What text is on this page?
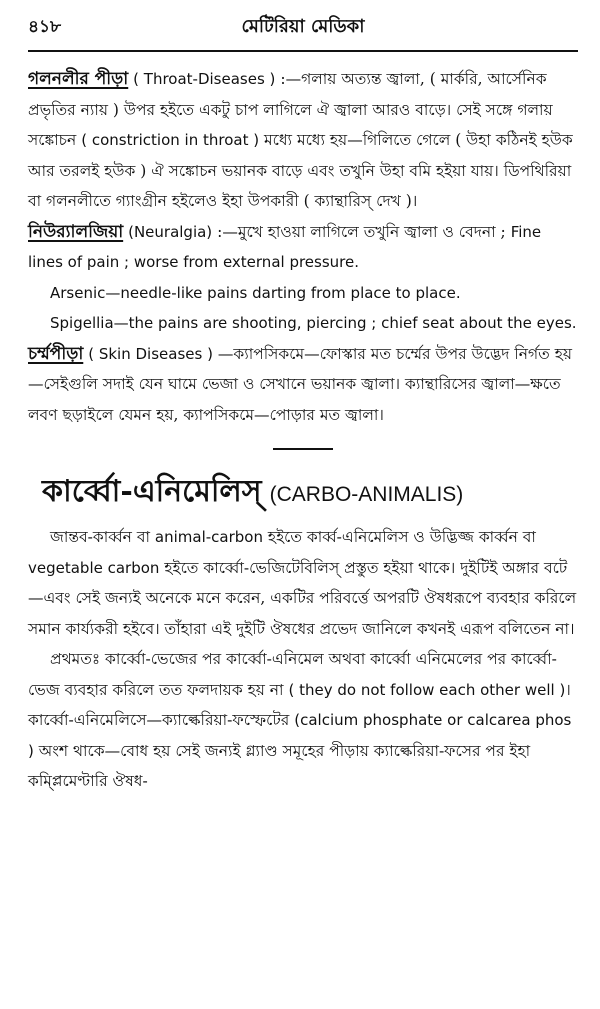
৪১৮	মেটিরিয়া মেডিকা

গলনলীর পীড়া ( Throat-Diseases ) :—গলায় অত্যন্ত জ্বালা, ( মার্করি, আর্সেনিক প্রভৃতির ন্যায় ) উপর হইতে একটু চাপ লাগিলে ঐ জ্বালা আরও বাড়ে। সেই সঙ্গে গলায় সঙ্কোচন ( constriction in throat ) মধ্যে মধ্যে হয়—গিলিতে গেলে ( উহা কঠিনই হউক আর তরলই হউক ) ঐ সঙ্কোচন ভয়ানক বাড়ে এবং তখুনি উহা বমি হইয়া যায়। ডিপথিরিয়া বা গলনলীতে গ্যাংগ্রীন হইলেও ইহা উপকারী ( ক্যান্থারিস্ দেখ )।

নিউর‍্যালজিয়া (Neuralgia) :—মুখে হাওয়া লাগিলে তখুনি জ্বালা ও বেদনা ; Fine lines of pain ; worse from external pressure.

Arsenic—needle-like pains darting from place to place.

Spigellia—the pains are shooting, piercing ; chief seat about the eyes.

চর্ম্মপীড়া ( Skin Diseases ) —ক্যাপসিকমে—ফোস্কার মত চর্ম্মের উপর উদ্ভেদ নির্গত হয়—সেইগুলি সদাই যেন ঘামে ভেজা ও সেখানে ভয়ানক জ্বালা। ক্যান্থারিসের জ্বালা—ক্ষতে লবণ ছড়াইলে যেমন হয়, ক্যাপসিকমে—পোড়ার মত জ্বালা।

কার্ব্বো-এনিমেলিস্ (CARBO-ANIMALIS)

জান্তব-কার্ব্বন বা animal-carbon হইতে কার্ব্ব-এনিমেলিস ও উদ্ভিজ্জ কার্ব্বন বা vegetable carbon হইতে কার্ব্বো-ভেজিটেবিলিস্ প্রস্তুত হইয়া থাকে। দুইটিই অঙ্গার বটে—এবং সেই জন্যই অনেকে মনে করেন, একটির পরিবর্ত্তে অপরটি ঔষধরূপে ব্যবহার করিলে সমান কার্য্যকরী হইবে। তাঁহারা এই দুইটি ঔষধের প্রভেদ জানিলে কখনই এরূপ বলিতেন না।

প্রথমতঃ কার্ব্বো-ভেজের পর কার্ব্বো-এনিমেল অথবা কার্ব্বো এনিমেলের পর কার্ব্বো-ভেজ ব্যবহার করিলে তত ফলদায়ক হয় না ( they do not follow each other well )। কার্ব্বো-এনিমেলিসে—ক্যাল্কেরিয়া-ফস্ফেটের (calcium phosphate or calcarea phos ) অংশ থাকে—বোধ হয় সেই জন্যই গ্ল্যাণ্ড সমূহের পীড়ায় ক্যাল্কেরিয়া-ফসের পর ইহা কম্প্লিমেণ্টারি ঔষধ-
